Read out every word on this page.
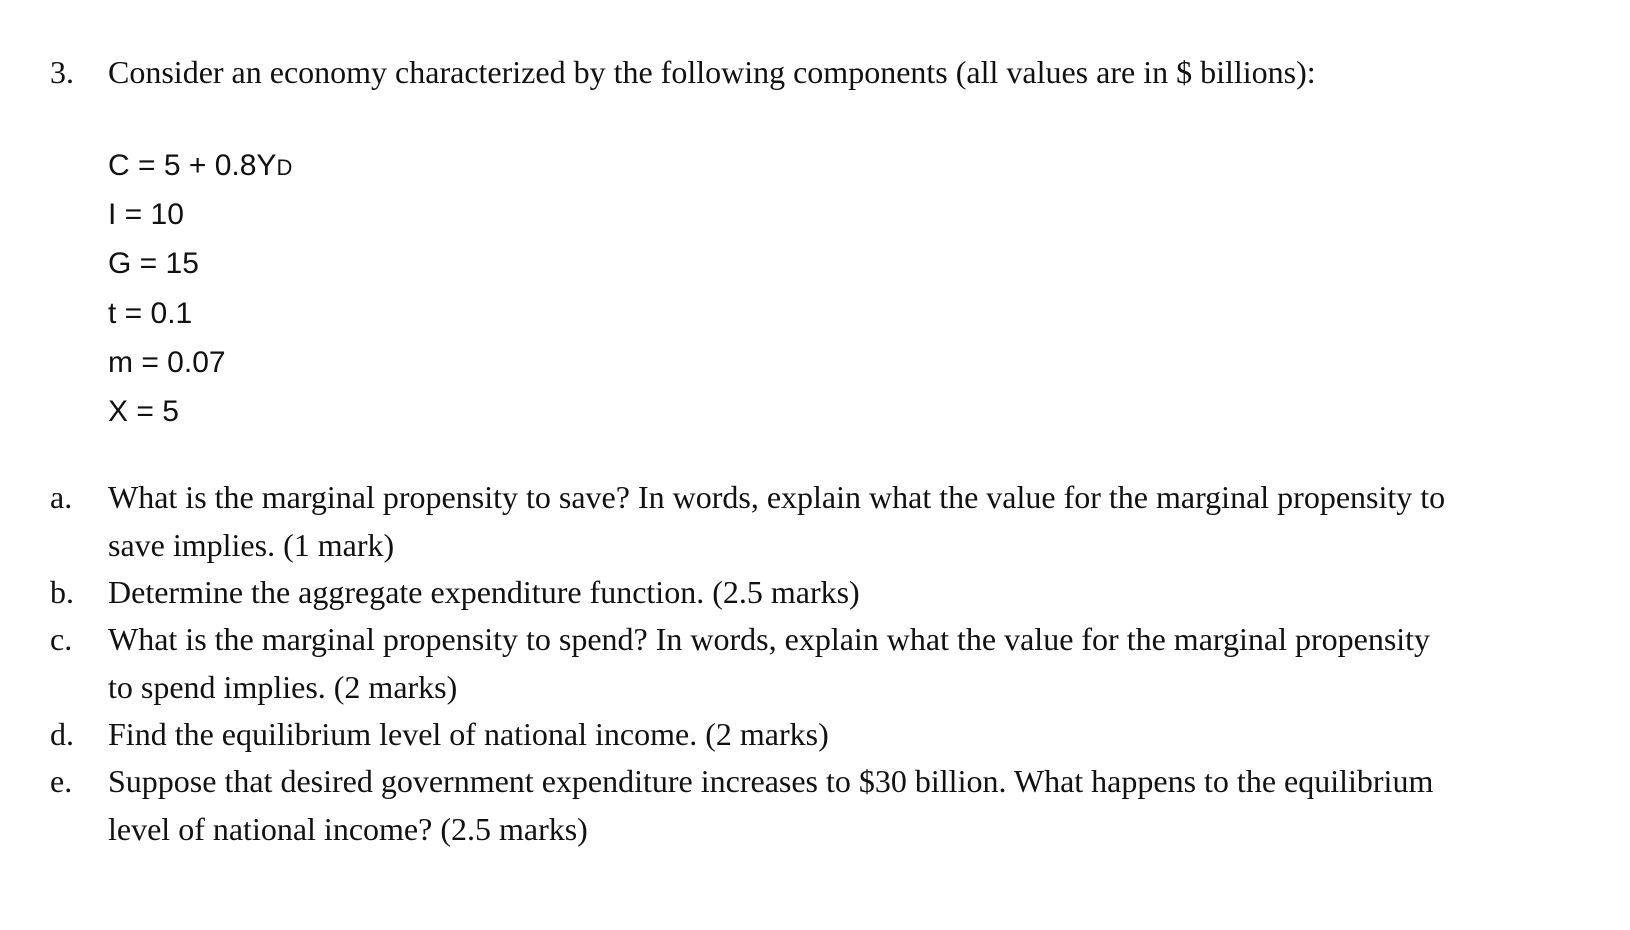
3. Consider an economy characterized by the following components (all values are in $ billions):
C = 5 + 0.8YD
I = 10
G = 15
t = 0.1
m = 0.07
X = 5
a.	What is the marginal propensity to save? In words, explain what the value for the marginal propensity to save implies. (1 mark)
b.	Determine the aggregate expenditure function. (2.5 marks)
c.	What is the marginal propensity to spend? In words, explain what the value for the marginal propensity to spend implies. (2 marks)
d.	Find the equilibrium level of national income. (2 marks)
e.	Suppose that desired government expenditure increases to $30 billion. What happens to the equilibrium level of national income? (2.5 marks)
